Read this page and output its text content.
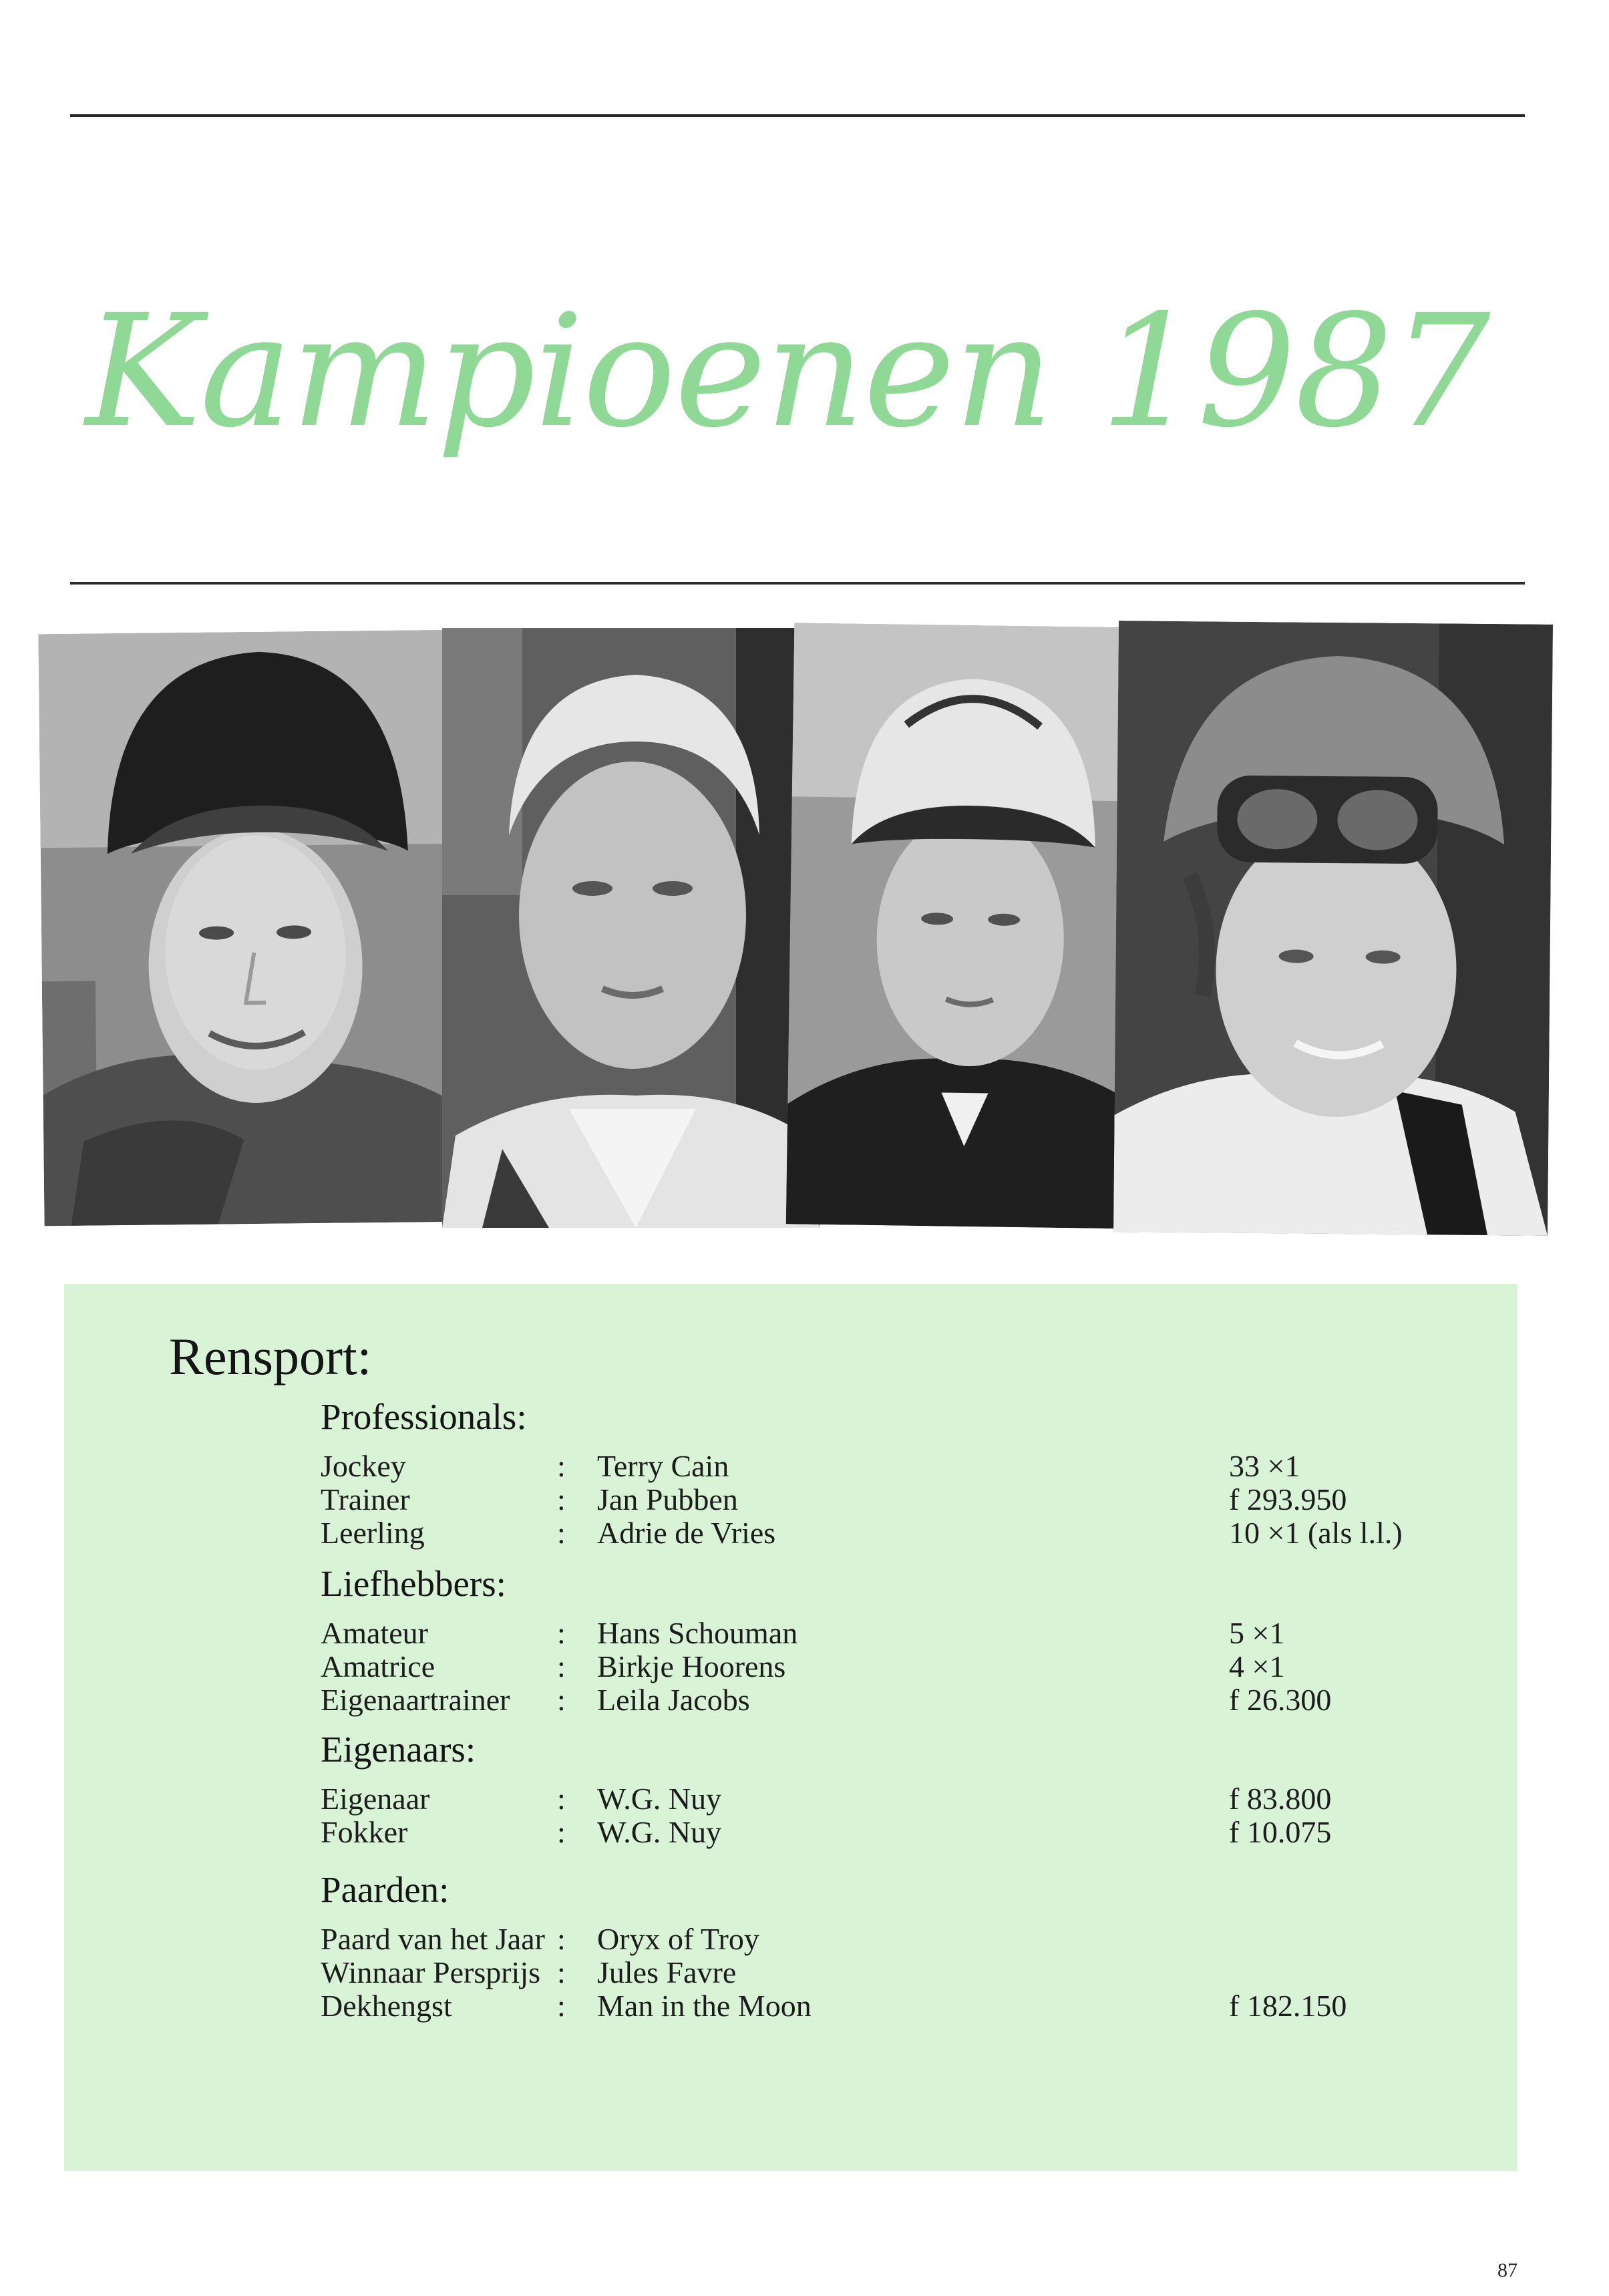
Kampioenen 1987
Rensport:
Professionals:
Jockey	: Terry Cain	33 ×1
Trainer	: Jan Pubben	f 293.950
Leerling	: Adrie de Vries	10 ×1 (als l.l.)
Liefhebbers:
Amateur	: Hans Schouman	5 ×1
Amatrice	: Birkje Hoorens	4 ×1
Eigenaartrainer : Leila Jacobs	f 26.300
Eigenaars:
Eigenaar	: W.G. Nuy	f 83.800
Fokker	: W.G. Nuy	f 10.075
Paarden:
Paard van het Jaar : Oryx of Troy
Winnaar Persprijs : Jules Favre
Dekhengst	: Man in the Moon	f 182.150
87
